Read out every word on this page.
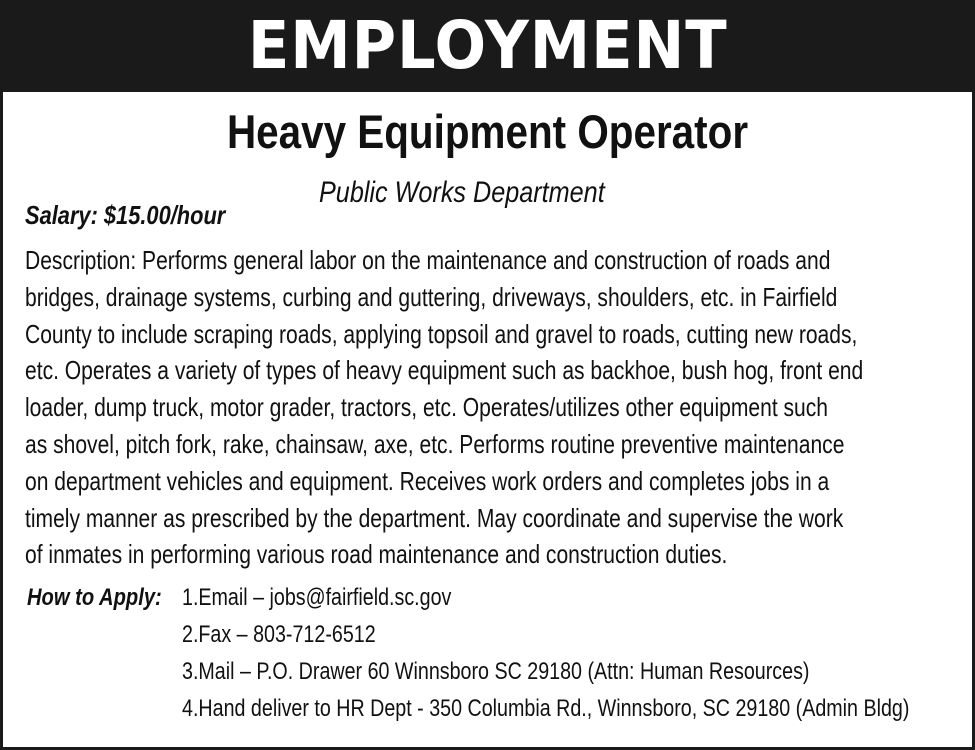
EMPLOYMENT
Heavy Equipment Operator
Public Works Department
Salary: $15.00/hour
Description: Performs general labor on the maintenance and construction of roads and
bridges, drainage systems, curbing and guttering, driveways, shoulders, etc. in Fairfield
County to include scraping roads, applying topsoil and gravel to roads, cutting new roads,
etc. Operates a variety of types of heavy equipment such as backhoe, bush hog, front end
loader, dump truck, motor grader, tractors, etc. Operates/utilizes other equipment such
as shovel, pitch fork, rake, chainsaw, axe, etc. Performs routine preventive maintenance
on department vehicles and equipment. Receives work orders and completes jobs in a
timely manner as prescribed by the department. May coordinate and supervise the work
of inmates in performing various road maintenance and construction duties.
How to Apply: 1.Email – jobs@fairfield.sc.gov
2.Fax – 803-712-6512
3.Mail – P.O. Drawer 60 Winnsboro SC 29180 (Attn: Human Resources)
4.Hand deliver to HR Dept - 350 Columbia Rd., Winnsboro, SC 29180 (Admin Bldg)
